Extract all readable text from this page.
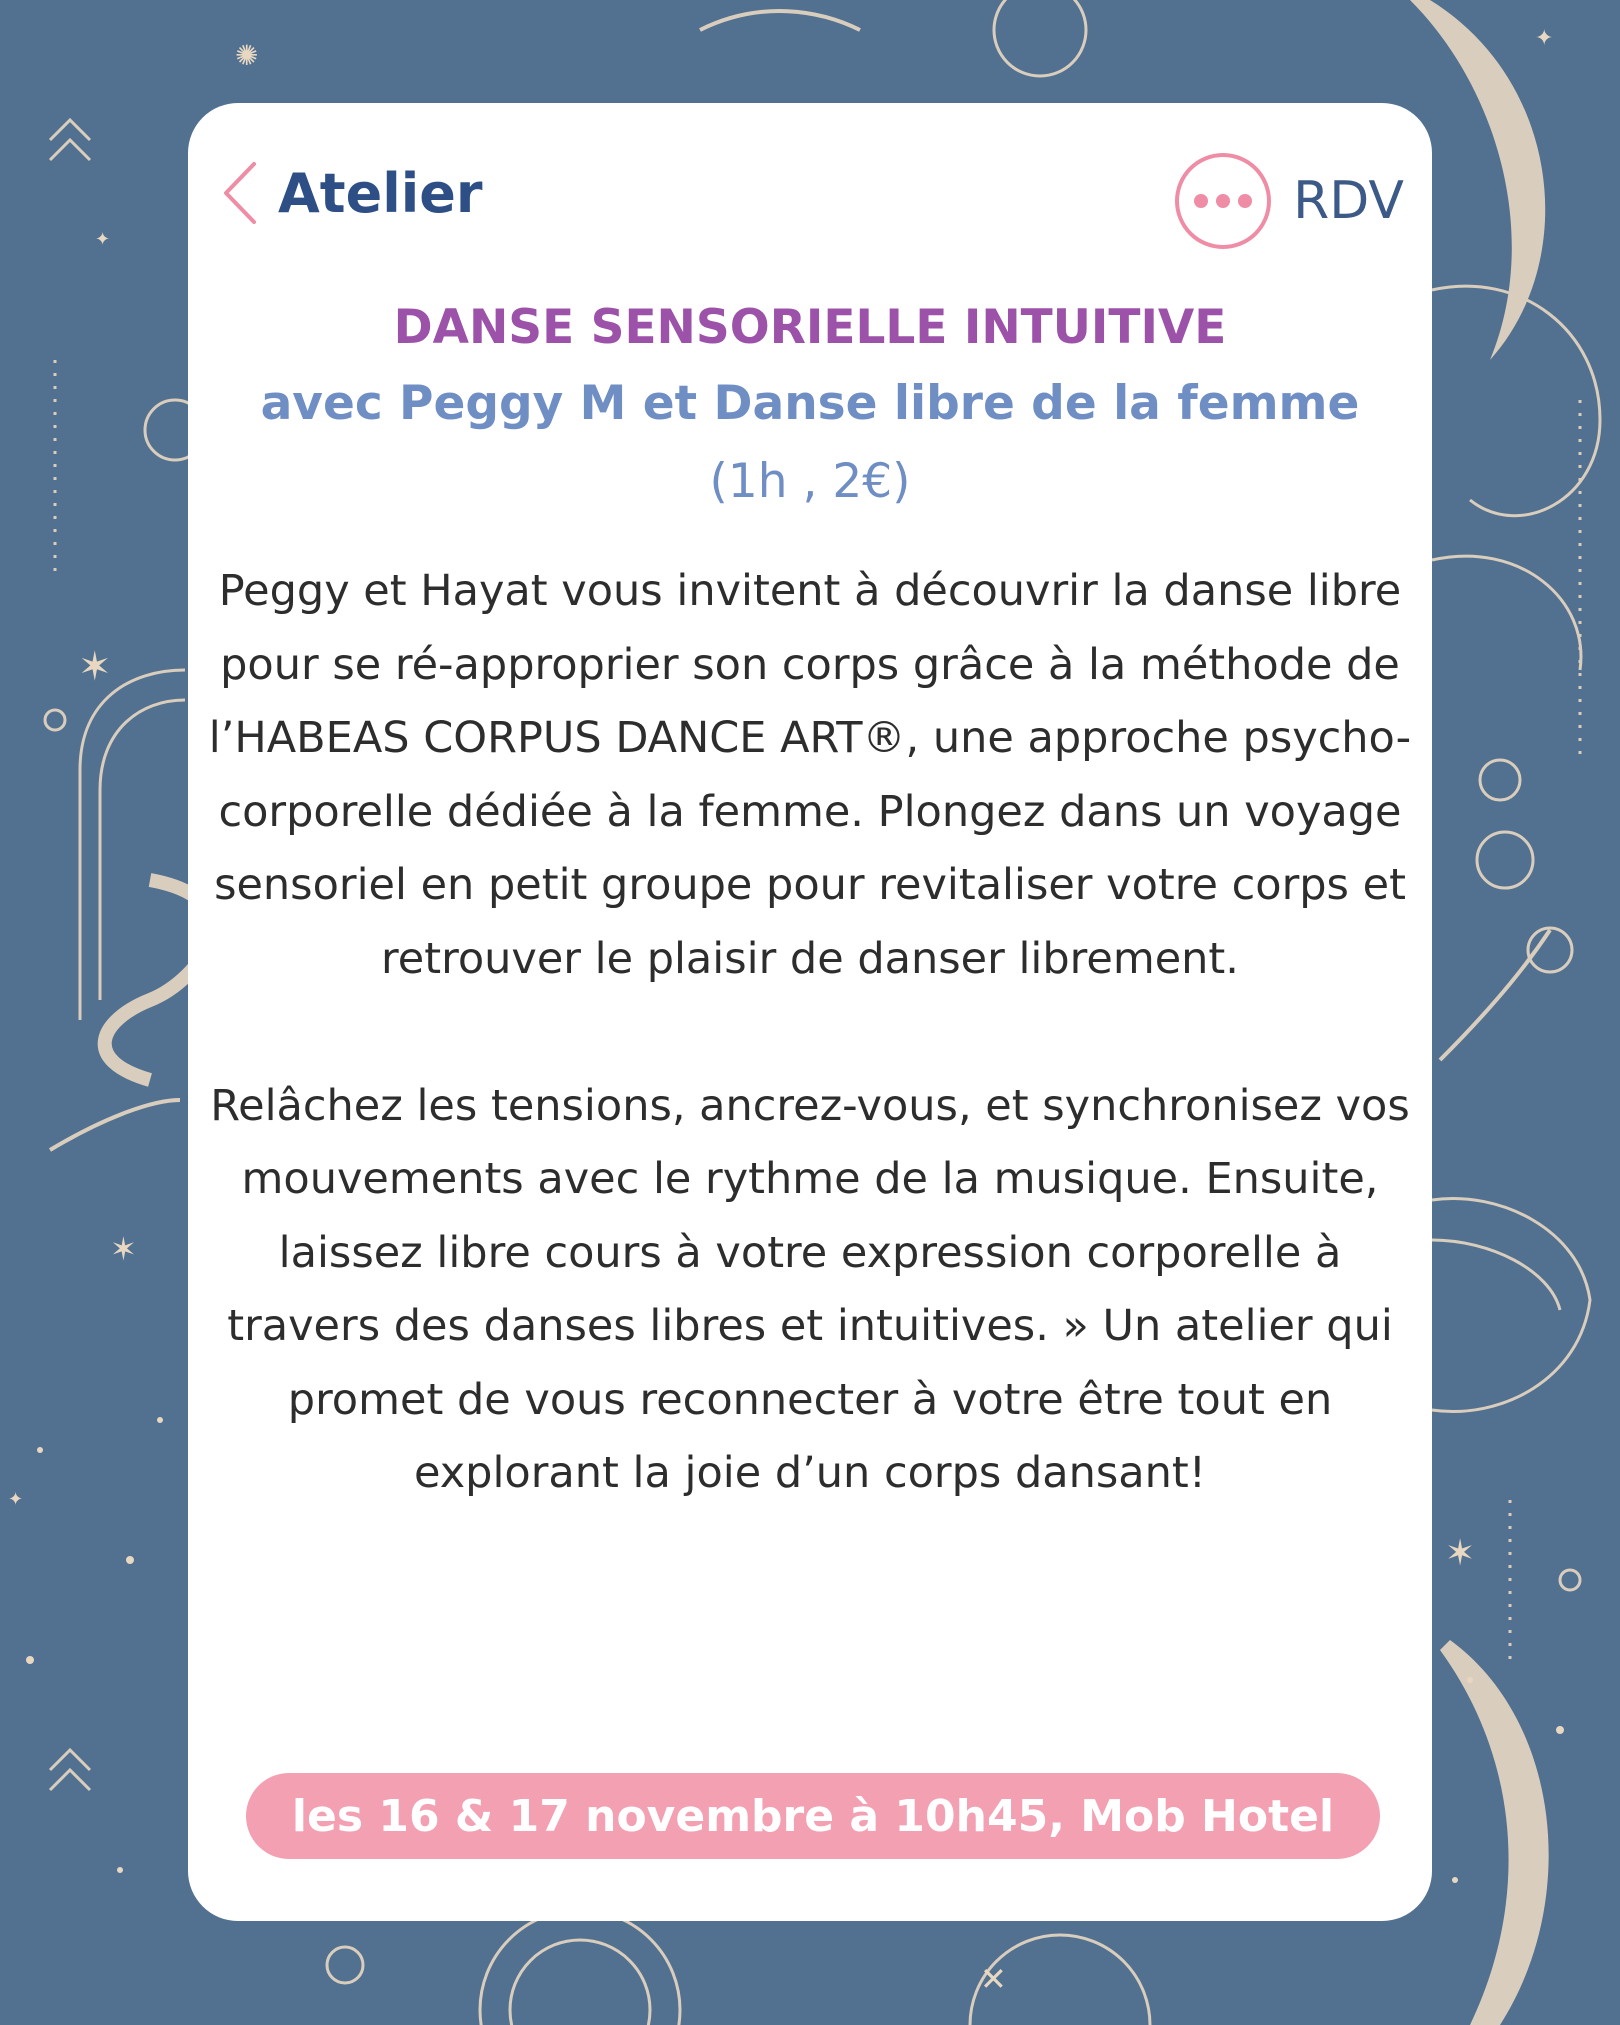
✶
✶
✶
✺
✕
✦
✦
✦
Atelier	RDV
DANSE SENSORIELLE INTUITIVE
avec Peggy M et Danse libre de la femme (1h , 2€)

Peggy et Hayat vous invitent à découvrir la danse libre pour se ré-approprier son corps grâce à la méthode de l’HABEAS CORPUS DANCE ART®, une approche psycho-corporelle dédiée à la femme. Plongez dans un voyage sensoriel en petit groupe pour revitaliser votre corps et retrouver le plaisir de danser librement.

Relâchez les tensions, ancrez-vous, et synchronisez vos mouvements avec le rythme de la musique. Ensuite, laissez libre cours à votre expression corporelle à travers des danses libres et intuitives. » Un atelier qui promet de vous reconnecter à votre être tout en explorant la joie d’un corps dansant!

les 16 & 17 novembre à 10h45, Mob Hotel
